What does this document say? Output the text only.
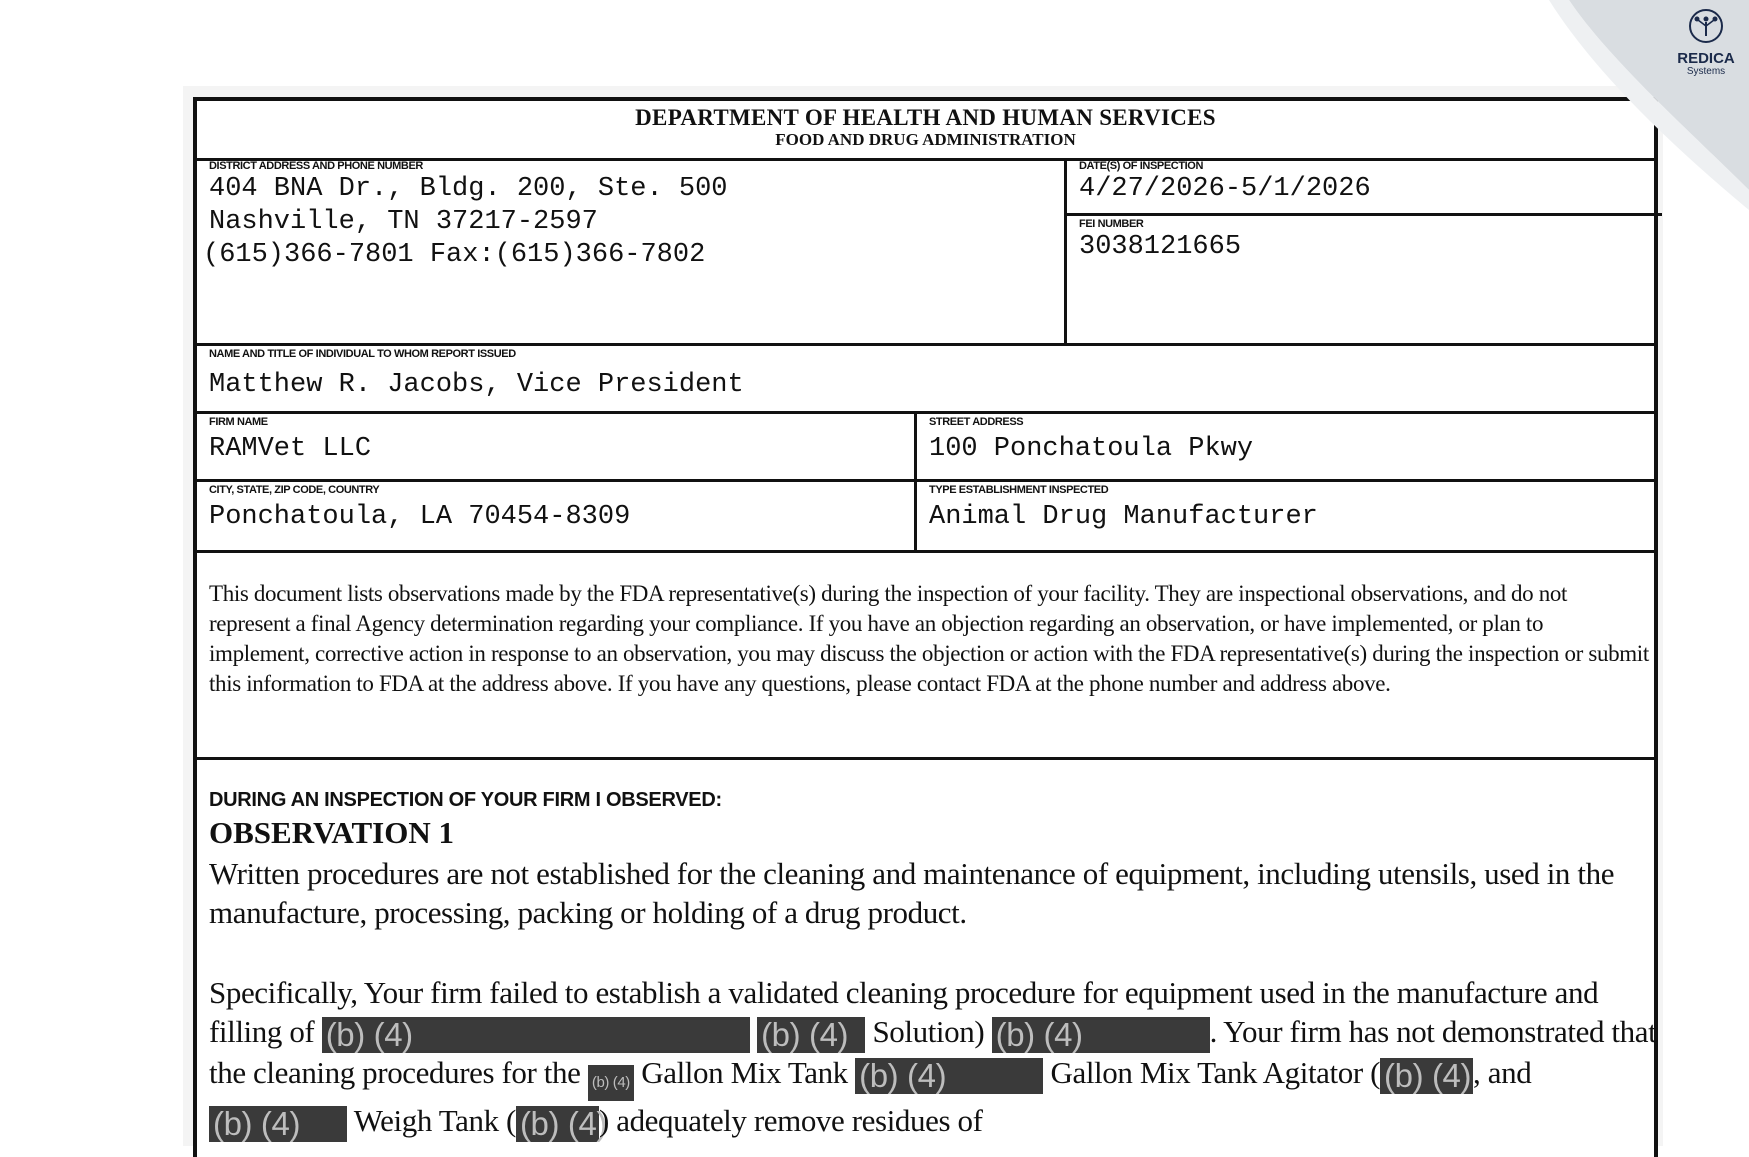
DEPARTMENT OF HEALTH AND HUMAN SERVICES
FOOD AND DRUG ADMINISTRATION
DISTRICT ADDRESS AND PHONE NUMBER
404 BNA Dr., Bldg. 200, Ste. 500
Nashville, TN 37217-2597
(615)366-7801 Fax:(615)366-7802
DATE(S) OF INSPECTION
4/27/2026-5/1/2026
FEI NUMBER
3038121665
NAME AND TITLE OF INDIVIDUAL TO WHOM REPORT ISSUED
Matthew R. Jacobs, Vice President
FIRM NAME
RAMVet LLC
STREET ADDRESS
100 Ponchatoula Pkwy
CITY, STATE, ZIP CODE, COUNTRY
Ponchatoula, LA 70454-8309
TYPE ESTABLISHMENT INSPECTED
Animal Drug Manufacturer
This document lists observations made by the FDA representative(s) during the inspection of your facility. They are inspectional observations, and do not represent a final Agency determination regarding your compliance. If you have an objection regarding an observation, or have implemented, or plan to implement, corrective action in response to an observation, you may discuss the objection or action with the FDA representative(s) during the inspection or submit this information to FDA at the address above. If you have any questions, please contact FDA at the phone number and address above.
DURING AN INSPECTION OF YOUR FIRM I OBSERVED:
OBSERVATION 1
Written procedures are not established for the cleaning and maintenance of equipment, including utensils, used in the manufacture, processing, packing or holding of a drug product.
Specifically, Your firm failed to establish a validated cleaning procedure for equipment used in the manufacture and filling of (b) (4)	(b) (4) Solution) (b) (4)	. Your firm has not demonstrated that the cleaning procedures for the (b) (4) Gallon Mix Tank (b) (4)	Gallon Mix Tank Agitator ( (b) (4), and (b) (4) Weigh Tank ( (b) (4)) adequately remove residues of
REDICA
Systems
